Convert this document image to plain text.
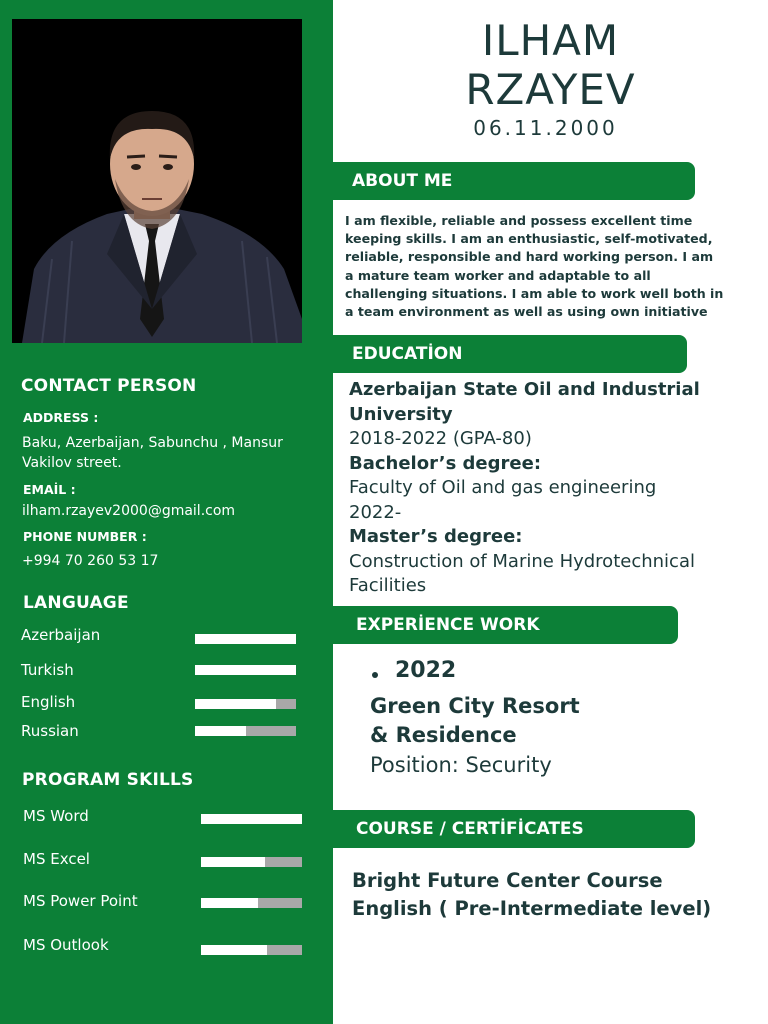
CONTACT PERSON

ADDRESS :

Baku, Azerbaijan, Sabunchu , Mansur

Vakilov street.

EMAİL :

ilham.rzayev2000@gmail.com

PHONE NUMBER :

+994 70 260 53 17

LANGUAGE

Azerbaijan

Turkish

English

Russian

PROGRAM SKILLS

MS Word

MS Excel

MS Power Point

MS Outlook

ILHAM
RZAYEV
06.11.2000
ABOUT ME
I am flexible, reliable and possess excellent time
keeping skills. I am an enthusiastic, self-motivated,
reliable, responsible and hard working person. I am
a mature team worker and adaptable to all
challenging situations. I am able to work well both in
a team environment as well as using own initiative
EDUCATİON
Azerbaijan State Oil and Industrial
University
2018-2022 (GPA-80)
Bachelor’s degree:
Faculty of Oil and gas engineering
2022-
Master’s degree:
Construction of Marine Hydrotechnical
Facilities
EXPERİENCE WORK
2022
Green City Resort
& Residence
Position: Security
COURSE / CERTİFİCATES
Bright Future Center Course
English ( Pre-Intermediate level)
